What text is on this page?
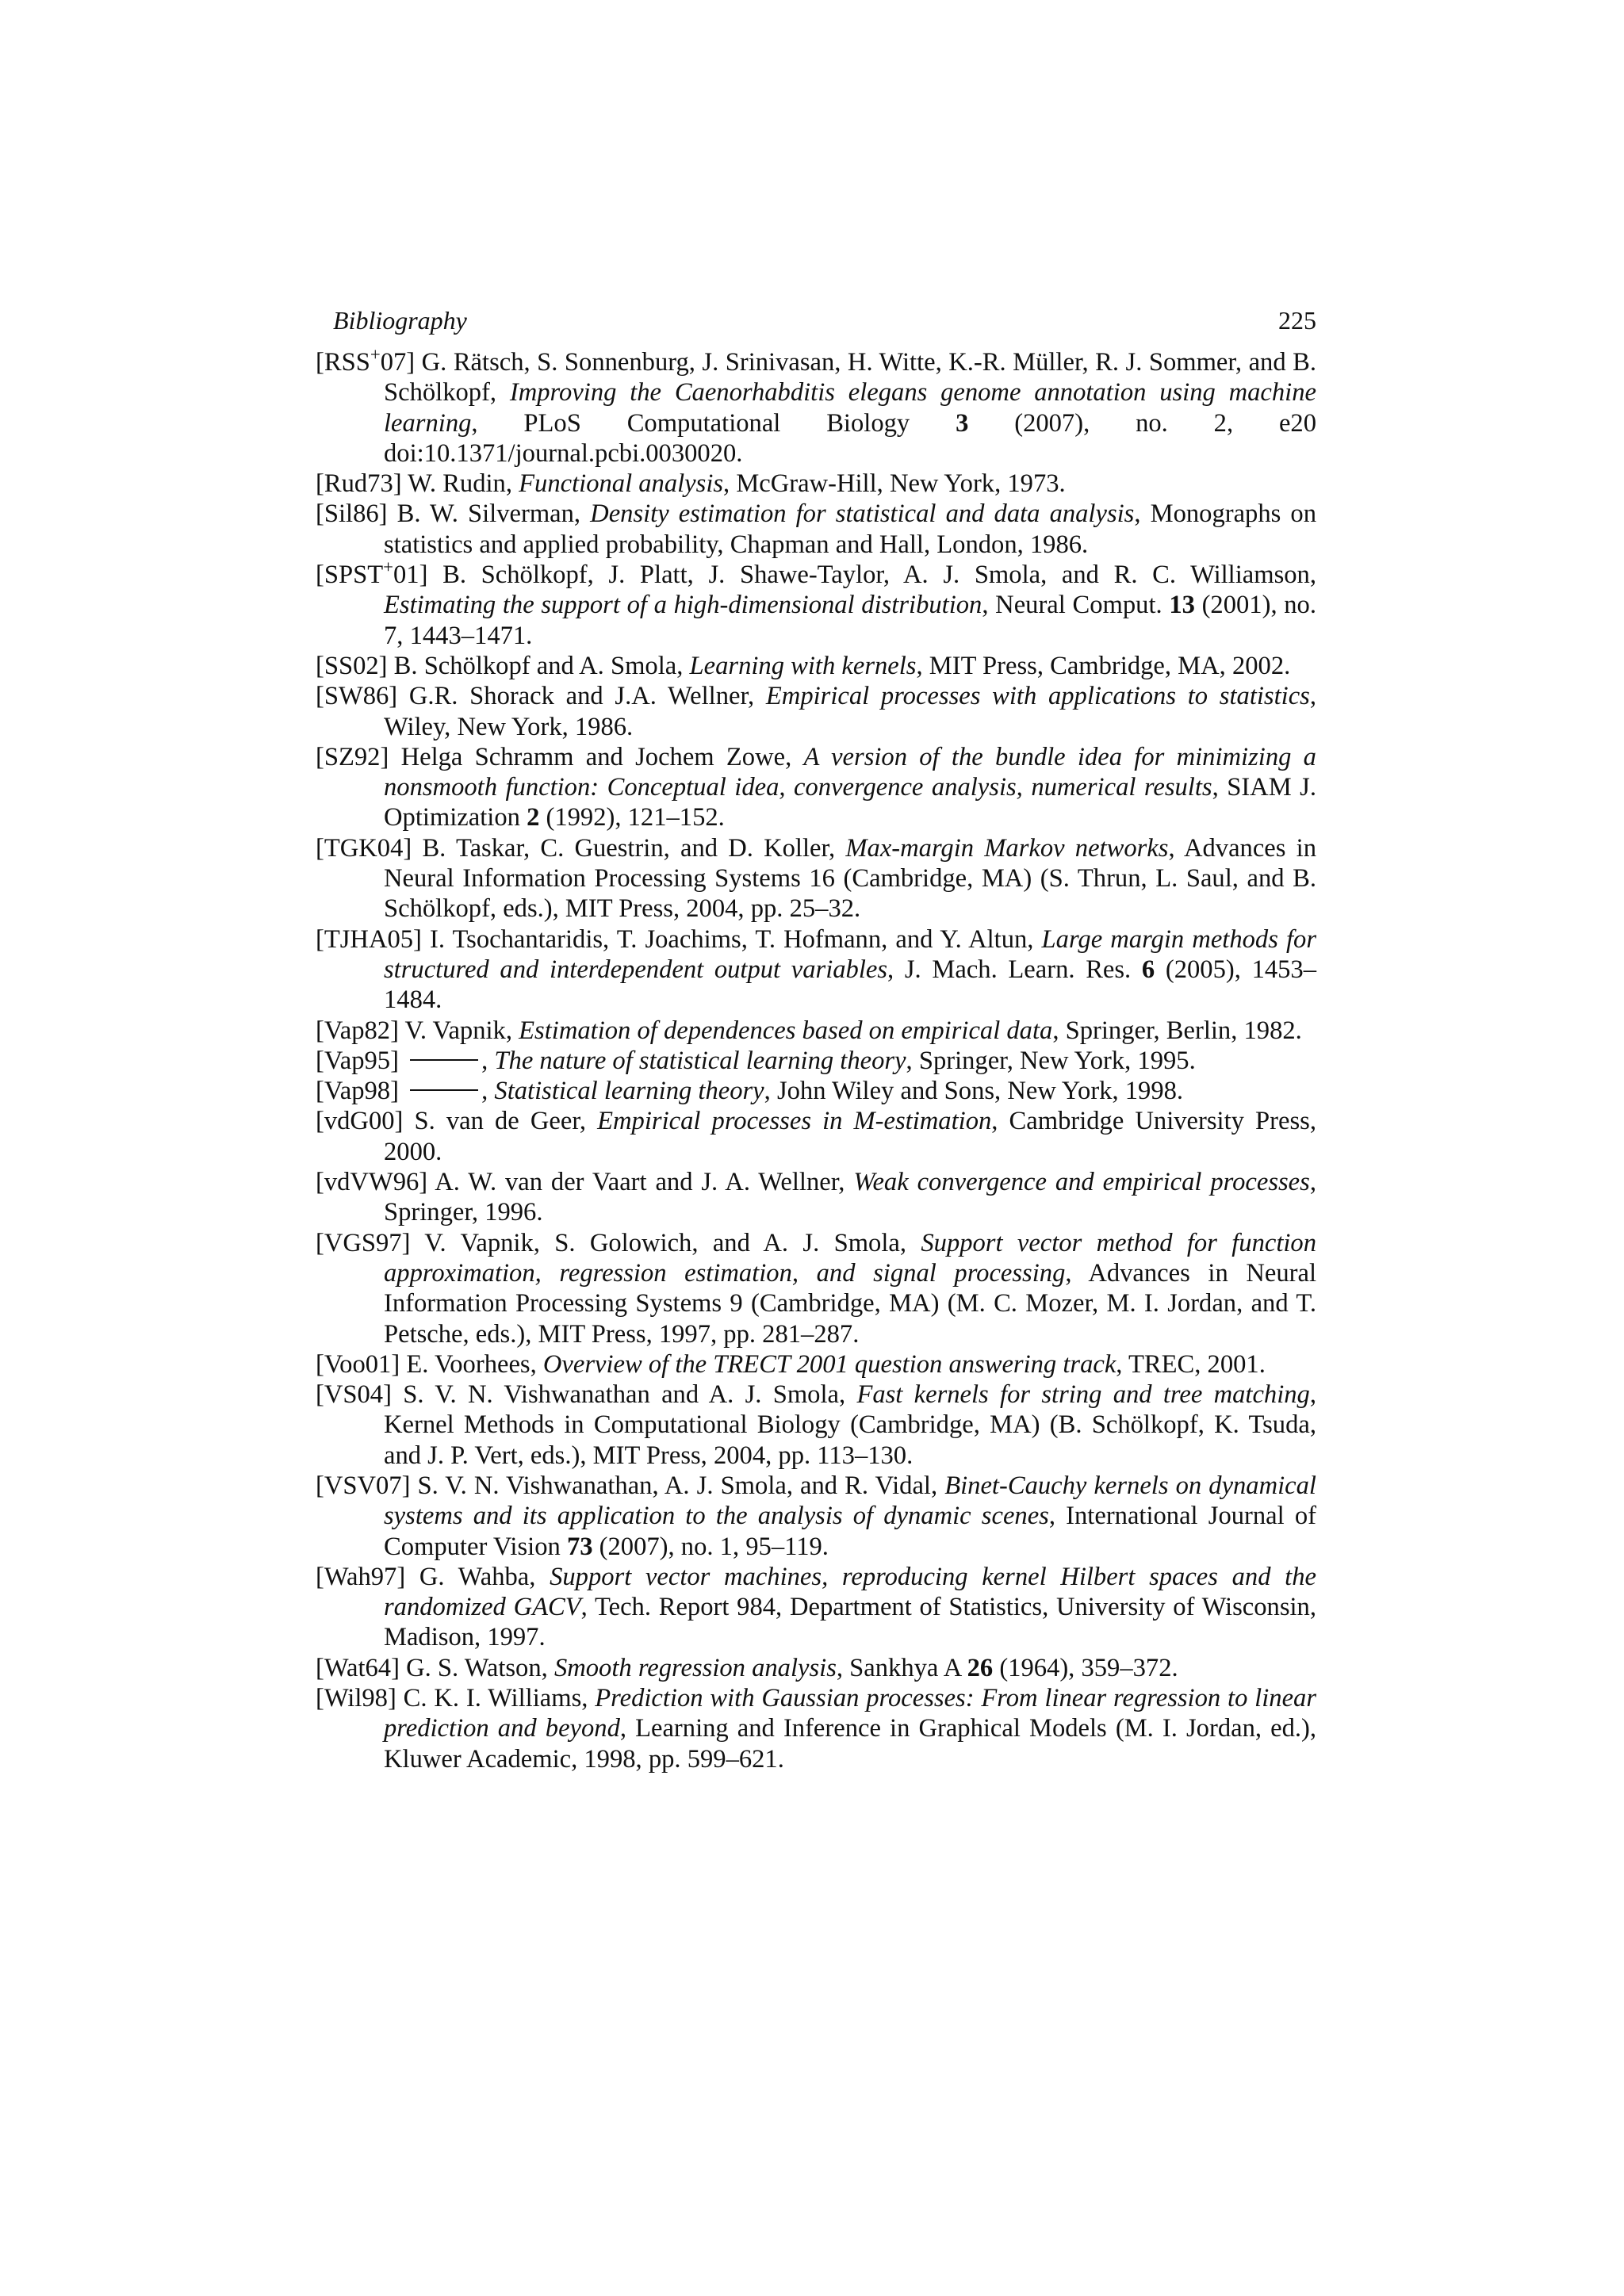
Bibliography	225
[RSS+07] G. Rätsch, S. Sonnenburg, J. Srinivasan, H. Witte, K.-R. Müller, R. J. Sommer, and B. Schölkopf, Improving the Caenorhabditis elegans genome annotation using machine learning, PLoS Computational Biology 3 (2007), no. 2, e20 doi:10.1371/journal.pcbi.0030020.
[Rud73] W. Rudin, Functional analysis, McGraw-Hill, New York, 1973.
[Sil86] B. W. Silverman, Density estimation for statistical and data analysis, Monographs on statistics and applied probability, Chapman and Hall, London, 1986.
[SPST+01] B. Schölkopf, J. Platt, J. Shawe-Taylor, A. J. Smola, and R. C. Williamson, Estimating the support of a high-dimensional distribution, Neural Comput. 13 (2001), no. 7, 1443–1471.
[SS02] B. Schölkopf and A. Smola, Learning with kernels, MIT Press, Cambridge, MA, 2002.
[SW86] G.R. Shorack and J.A. Wellner, Empirical processes with applications to statistics, Wiley, New York, 1986.
[SZ92] Helga Schramm and Jochem Zowe, A version of the bundle idea for minimizing a nonsmooth function: Conceptual idea, convergence analysis, numerical results, SIAM J. Optimization 2 (1992), 121–152.
[TGK04] B. Taskar, C. Guestrin, and D. Koller, Max-margin Markov networks, Advances in Neural Information Processing Systems 16 (Cambridge, MA) (S. Thrun, L. Saul, and B. Schölkopf, eds.), MIT Press, 2004, pp. 25–32.
[TJHA05] I. Tsochantaridis, T. Joachims, T. Hofmann, and Y. Altun, Large margin methods for structured and interdependent output variables, J. Mach. Learn. Res. 6 (2005), 1453–1484.
[Vap82] V. Vapnik, Estimation of dependences based on empirical data, Springer, Berlin, 1982.
[Vap95]	, The nature of statistical learning theory, Springer, New York, 1995.
[Vap98]	, Statistical learning theory, John Wiley and Sons, New York, 1998.
[vdG00] S. van de Geer, Empirical processes in M-estimation, Cambridge University Press, 2000.
[vdVW96] A. W. van der Vaart and J. A. Wellner, Weak convergence and empirical processes, Springer, 1996.
[VGS97] V. Vapnik, S. Golowich, and A. J. Smola, Support vector method for function approximation, regression estimation, and signal processing, Advances in Neural Information Processing Systems 9 (Cambridge, MA) (M. C. Mozer, M. I. Jordan, and T. Petsche, eds.), MIT Press, 1997, pp. 281–287.
[Voo01] E. Voorhees, Overview of the TRECT 2001 question answering track, TREC, 2001.
[VS04] S. V. N. Vishwanathan and A. J. Smola, Fast kernels for string and tree matching, Kernel Methods in Computational Biology (Cambridge, MA) (B. Schölkopf, K. Tsuda, and J. P. Vert, eds.), MIT Press, 2004, pp. 113–130.
[VSV07] S. V. N. Vishwanathan, A. J. Smola, and R. Vidal, Binet-Cauchy kernels on dynamical systems and its application to the analysis of dynamic scenes, International Journal of Computer Vision 73 (2007), no. 1, 95–119.
[Wah97] G. Wahba, Support vector machines, reproducing kernel Hilbert spaces and the randomized GACV, Tech. Report 984, Department of Statistics, University of Wisconsin, Madison, 1997.
[Wat64] G. S. Watson, Smooth regression analysis, Sankhya A 26 (1964), 359–372.
[Wil98] C. K. I. Williams, Prediction with Gaussian processes: From linear regression to linear prediction and beyond, Learning and Inference in Graphical Models (M. I. Jordan, ed.), Kluwer Academic, 1998, pp. 599–621.
